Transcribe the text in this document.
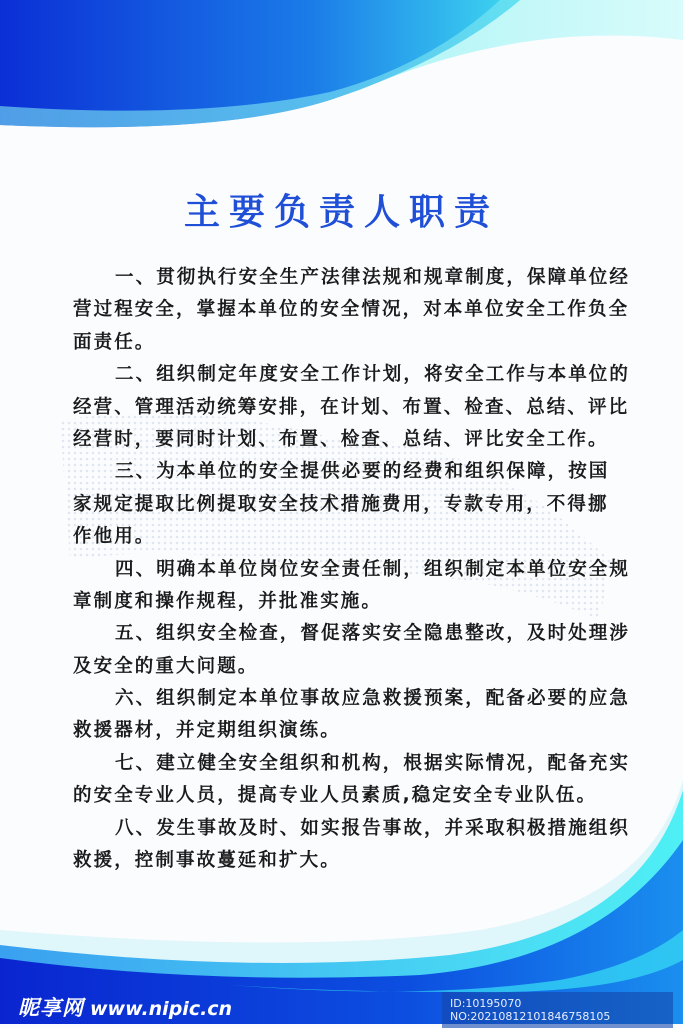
主要负责人职责
一、贯彻执行安全生产法律法规和规章制度，保障单位经
营过程安全，掌握本单位的安全情况，对本单位安全工作负全
面责任。
二、组织制定年度安全工作计划，将安全工作与本单位的
经营、管理活动统筹安排，在计划、布置、检查、总结、评比
经营时，要同时计划、布置、检查、总结、评比安全工作。
三、为本单位的安全提供必要的经费和组织保障，按国
家规定提取比例提取安全技术措施费用，专款专用，不得挪
作他用。
四、明确本单位岗位安全责任制，组织制定本单位安全规
章制度和操作规程，并批准实施。
五、组织安全检查，督促落实安全隐患整改，及时处理涉
及安全的重大问题。
六、组织制定本单位事故应急救援预案，配备必要的应急
救援器材，并定期组织演练。
七、建立健全安全组织和机构，根据实际情况，配备充实
的安全专业人员，提高专业人员素质,稳定安全专业队伍。
八、发生事故及时、如实报告事故，并采取积极措施组织
救援，控制事故蔓延和扩大。
昵享网 www.nipic.cn	ID:10195070 NO:20210812101846758105
